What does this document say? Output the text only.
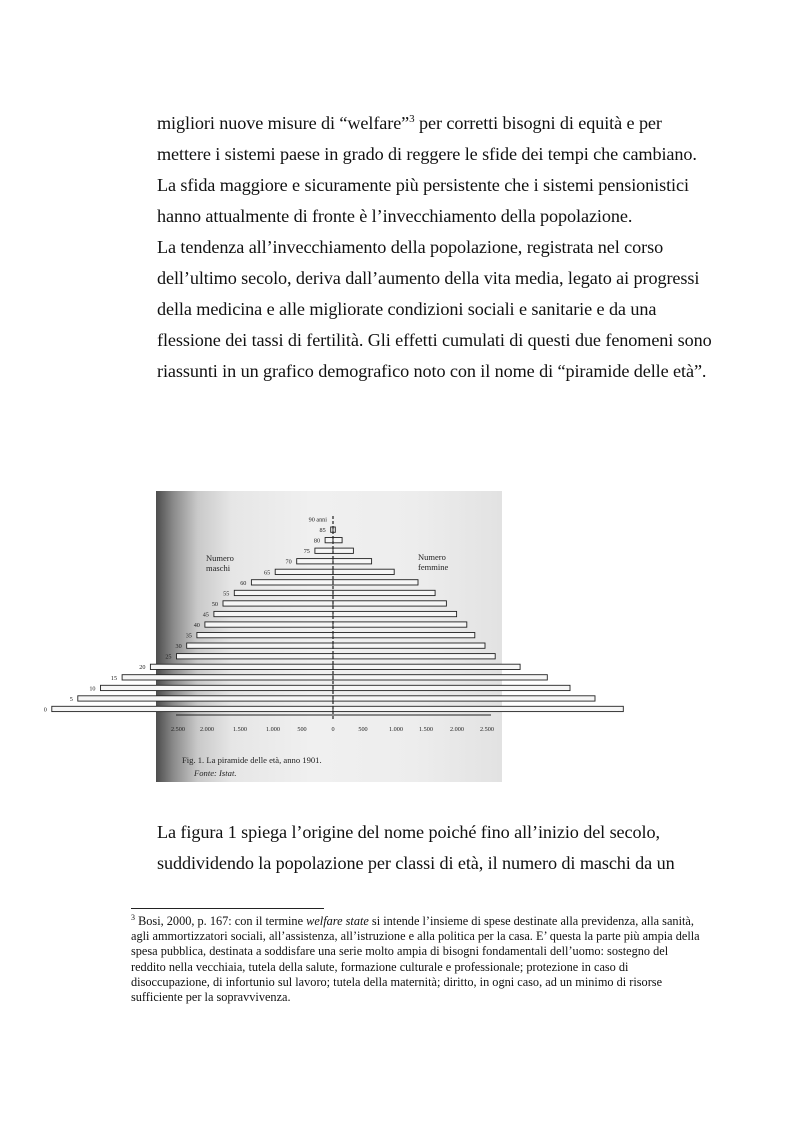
migliori nuove misure di “welfare”$^3$ per corretti bisogni di equità e per mettere i sistemi paese in grado di reggere le sfide dei tempi che cambiano.

La sfida maggiore e sicuramente più persistente che i sistemi pensionistici hanno attualmente di fronte è l’invecchiamento della popolazione.

La tendenza all’invecchiamento della popolazione, registrata nel corso dell’ultimo secolo, deriva dall’aumento della vita media, legato ai progressi della medicina e alle migliorate condizioni sociali e sanitarie e da una flessione dei tassi di fertilità. Gli effetti cumulati di questi due fenomeni sono riassunti in un grafico demografico noto con il nome di “piramide delle età”.

0
5
10
15
20
25
30
35
40
45
50
55
60
65
70
75
80
85
90 anni
2.500 2.000	1.500	1.000	500	0	500	1.000	1.500	2.000	2.500
Numero
maschi
Numero
femmine
Fig. 1. La piramide delle età, anno 1901.
Fonte: Istat.

La figura 1 spiega l’origine del nome poiché fino all’inizio del secolo, suddividendo la popolazione per classi di età, il numero di maschi da un

$^3$ Bosi, 2000, p. 167: con il termine welfare state si intende l’insieme di spese destinate alla previdenza, alla sanità, agli ammortizzatori sociali, all’assistenza, all’istruzione e alla politica per la casa. E’ questa la parte più ampia della spesa pubblica, destinata a soddisfare una serie molto ampia di bisogni fondamentali dell’uomo: sostegno del reddito nella vecchiaia, tutela della salute, formazione culturale e professionale; protezione in caso di disoccupazione, di infortunio sul lavoro; tutela della maternità; diritto, in ogni caso, ad un minimo di risorse sufficiente per la sopravvivenza.
